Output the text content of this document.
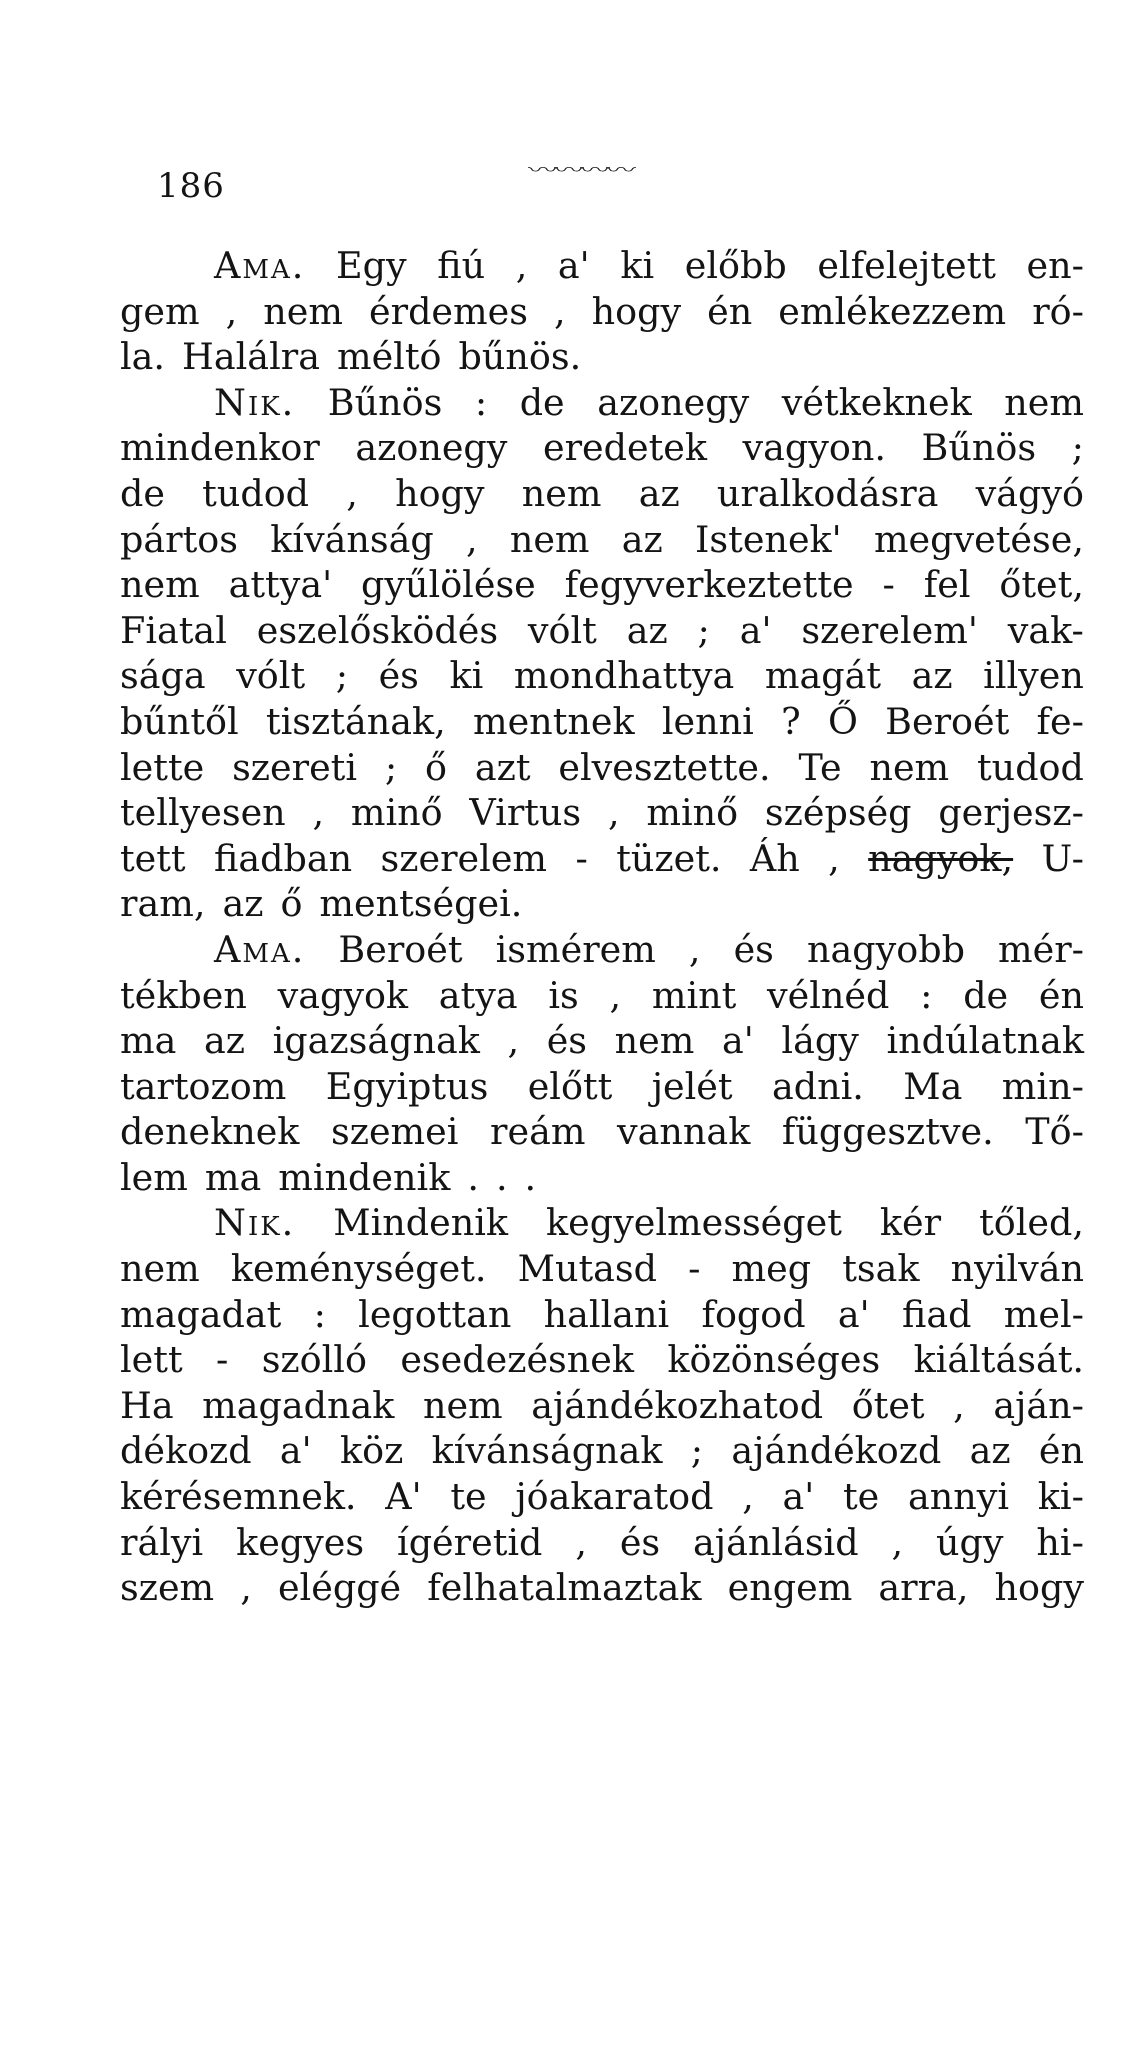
186	〰〰〰〰
Ama. Egy fiú , a' ki előbb elfelejtett en-
gem , nem érdemes , hogy én emlékezzem ró-
la. Halálra méltó bűnös.
Nik. Bűnös : de azonegy vétkeknek nem
mindenkor azonegy eredetek vagyon. Bűnös ;
de tudod , hogy nem az uralkodásra vágyó
pártos kívánság , nem az Istenek' megvetése,
nem attya' gyűlölése fegyverkeztette - fel őtet,
Fiatal eszelősködés vólt az ; a' szerelem' vak-
sága vólt ; és ki mondhattya magát az illyen
bűntől tisztának, mentnek lenni ? Ő Beroét fe-
lette szereti ; ő azt elvesztette. Te nem tudod
tellyesen , minő Virtus , minő szépség gerjesz-
tett fiadban szerelem - tüzet. Áh , nagyok, U-
ram, az ő mentségei.
Ama. Beroét ismérem , és nagyobb mér-
tékben vagyok atya is , mint vélnéd : de én
ma az igazságnak , és nem a' lágy indúlatnak
tartozom Egyiptus előtt jelét adni. Ma min-
deneknek szemei reám vannak függesztve. Tő-
lem ma mindenik . . .
Nik. Mindenik kegyelmességet kér tőled,
nem keménységet. Mutasd - meg tsak nyilván
magadat : legottan hallani fogod a' fiad mel-
lett - szólló esedezésnek közönséges kiáltását.
Ha magadnak nem ajándékozhatod őtet , aján-
dékozd a' köz kívánságnak ; ajándékozd az én
kérésemnek. A' te jóakaratod , a' te annyi ki-
rályi kegyes ígéretid , és ajánlásid , úgy hi-
szem , eléggé felhatalmaztak engem arra, hogy
